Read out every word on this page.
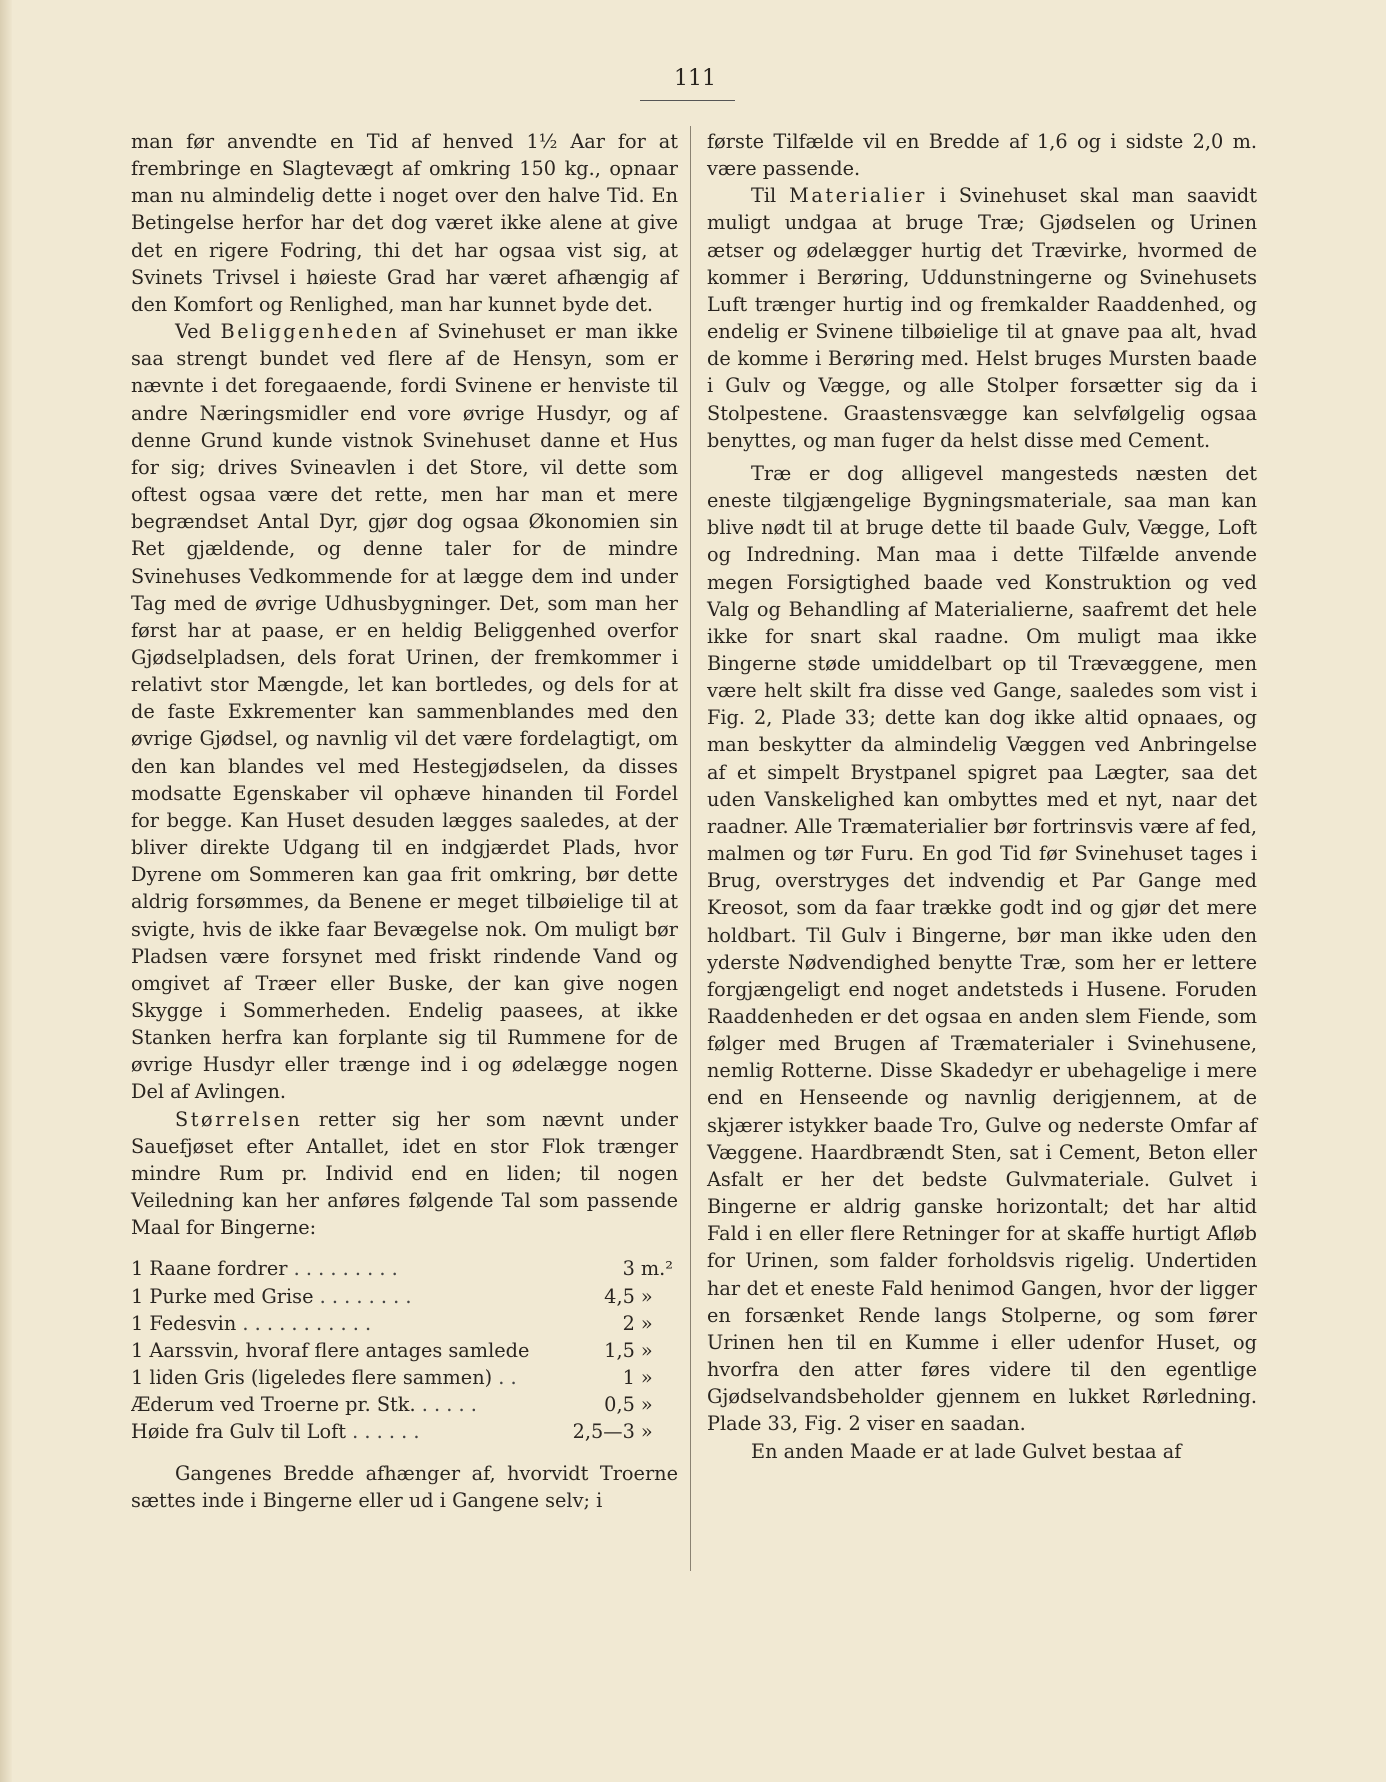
111

man før anvendte en Tid af henved 1½ Aar for at frembringe en Slagtevægt af omkring 150 kg., opnaar man nu almindelig dette i noget over den halve Tid. En Betingelse herfor har det dog været ikke alene at give det en rigere Fodring, thi det har ogsaa vist sig, at Svinets Trivsel i høieste Grad har været afhængig af den Komfort og Renlighed, man har kunnet byde det.

Ved Beliggenheden af Svinehuset er man ikke saa strengt bundet ved flere af de Hensyn, som er nævnte i det foregaaende, fordi Svinene er henviste til andre Næringsmidler end vore øvrige Husdyr, og af denne Grund kunde vistnok Svinehuset danne et Hus for sig; drives Svineavlen i det Store, vil dette som oftest ogsaa være det rette, men har man et mere begrændset Antal Dyr, gjør dog ogsaa Økonomien sin Ret gjældende, og denne taler for de mindre Svinehuses Vedkommende for at lægge dem ind under Tag med de øvrige Udhusbygninger. Det, som man her først har at paase, er en heldig Beliggenhed overfor Gjødselpladsen, dels forat Urinen, der fremkommer i relativt stor Mængde, let kan bortledes, og dels for at de faste Exkrementer kan sammenblandes med den øvrige Gjødsel, og navnlig vil det være fordelagtigt, om den kan blandes vel med Hestegjødselen, da disses modsatte Egenskaber vil ophæve hinanden til Fordel for begge. Kan Huset desuden lægges saaledes, at der bliver direkte Udgang til en indgjærdet Plads, hvor Dyrene om Sommeren kan gaa frit omkring, bør dette aldrig forsømmes, da Benene er meget tilbøielige til at svigte, hvis de ikke faar Bevægelse nok. Om muligt bør Pladsen være forsynet med friskt rindende Vand og omgivet af Træer eller Buske, der kan give nogen Skygge i Sommerheden. Endelig paasees, at ikke Stanken herfra kan forplante sig til Rummene for de øvrige Husdyr eller trænge ind i og ødelægge nogen Del af Avlingen.

Størrelsen retter sig her som nævnt under Sauefjøset efter Antallet, idet en stor Flok trænger mindre Rum pr. Individ end en liden; til nogen Veiledning kan her anføres følgende Tal som passende Maal for Bingerne:

1 Raane fordrer . . . . . . . . .	3	m.²
1 Purke med Grise . . . . . . . .	4,5	»
1 Fedesvin . . . . . . . . . . .	2	»
1 Aarssvin, hvoraf flere antages samlede	1,5	»
1 liden Gris (ligeledes flere sammen) . .	1	»
Æderum ved Troerne pr. Stk. . . . . .	0,5	»
Høide fra Gulv til Loft . . . . . .	2,5—3	»

Gangenes Bredde afhænger af, hvorvidt Troerne sættes inde i Bingerne eller ud i Gangene selv; i

første Tilfælde vil en Bredde af 1,6 og i sidste 2,0 m. være passende.

Til Materialier i Svinehuset skal man saavidt muligt undgaa at bruge Træ; Gjødselen og Urinen ætser og ødelægger hurtig det Trævirke, hvormed de kommer i Berøring, Uddunstningerne og Svinehusets Luft trænger hurtig ind og fremkalder Raaddenhed, og endelig er Svinene tilbøielige til at gnave paa alt, hvad de komme i Berøring med. Helst bruges Mursten baade i Gulv og Vægge, og alle Stolper forsætter sig da i Stolpestene. Graastensvægge kan selvfølgelig ogsaa benyttes, og man fuger da helst disse med Cement.

Træ er dog alligevel mangesteds næsten det eneste tilgjængelige Bygningsmateriale, saa man kan blive nødt til at bruge dette til baade Gulv, Vægge, Loft og Indredning. Man maa i dette Tilfælde anvende megen Forsigtighed baade ved Konstruktion og ved Valg og Behandling af Materialierne, saafremt det hele ikke for snart skal raadne. Om muligt maa ikke Bingerne støde umiddelbart op til Trævæggene, men være helt skilt fra disse ved Gange, saaledes som vist i Fig. 2, Plade 33; dette kan dog ikke altid opnaaes, og man beskytter da almindelig Væggen ved Anbringelse af et simpelt Brystpanel spigret paa Lægter, saa det uden Vanskelighed kan ombyttes med et nyt, naar det raadner. Alle Træmaterialier bør fortrinsvis være af fed, malmen og tør Furu. En god Tid før Svinehuset tages i Brug, overstryges det indvendig et Par Gange med Kreosot, som da faar trække godt ind og gjør det mere holdbart. Til Gulv i Bingerne, bør man ikke uden den yderste Nødvendighed benytte Træ, som her er lettere forgjængeligt end noget andetsteds i Husene. Foruden Raaddenheden er det ogsaa en anden slem Fiende, som følger med Brugen af Træmaterialer i Svinehusene, nemlig Rotterne. Disse Skadedyr er ubehagelige i mere end en Henseende og navnlig derigjennem, at de skjærer istykker baade Tro, Gulve og nederste Omfar af Væggene. Haardbrændt Sten, sat i Cement, Beton eller Asfalt er her det bedste Gulvmateriale. Gulvet i Bingerne er aldrig ganske horizontalt; det har altid Fald i en eller flere Retninger for at skaffe hurtigt Afløb for Urinen, som falder forholdsvis rigelig. Undertiden har det et eneste Fald henimod Gangen, hvor der ligger en forsænket Rende langs Stolperne, og som fører Urinen hen til en Kumme i eller udenfor Huset, og hvorfra den atter føres videre til den egentlige Gjødselvandsbeholder gjennem en lukket Rørledning. Plade 33, Fig. 2 viser en saadan.

En anden Maade er at lade Gulvet bestaa af
